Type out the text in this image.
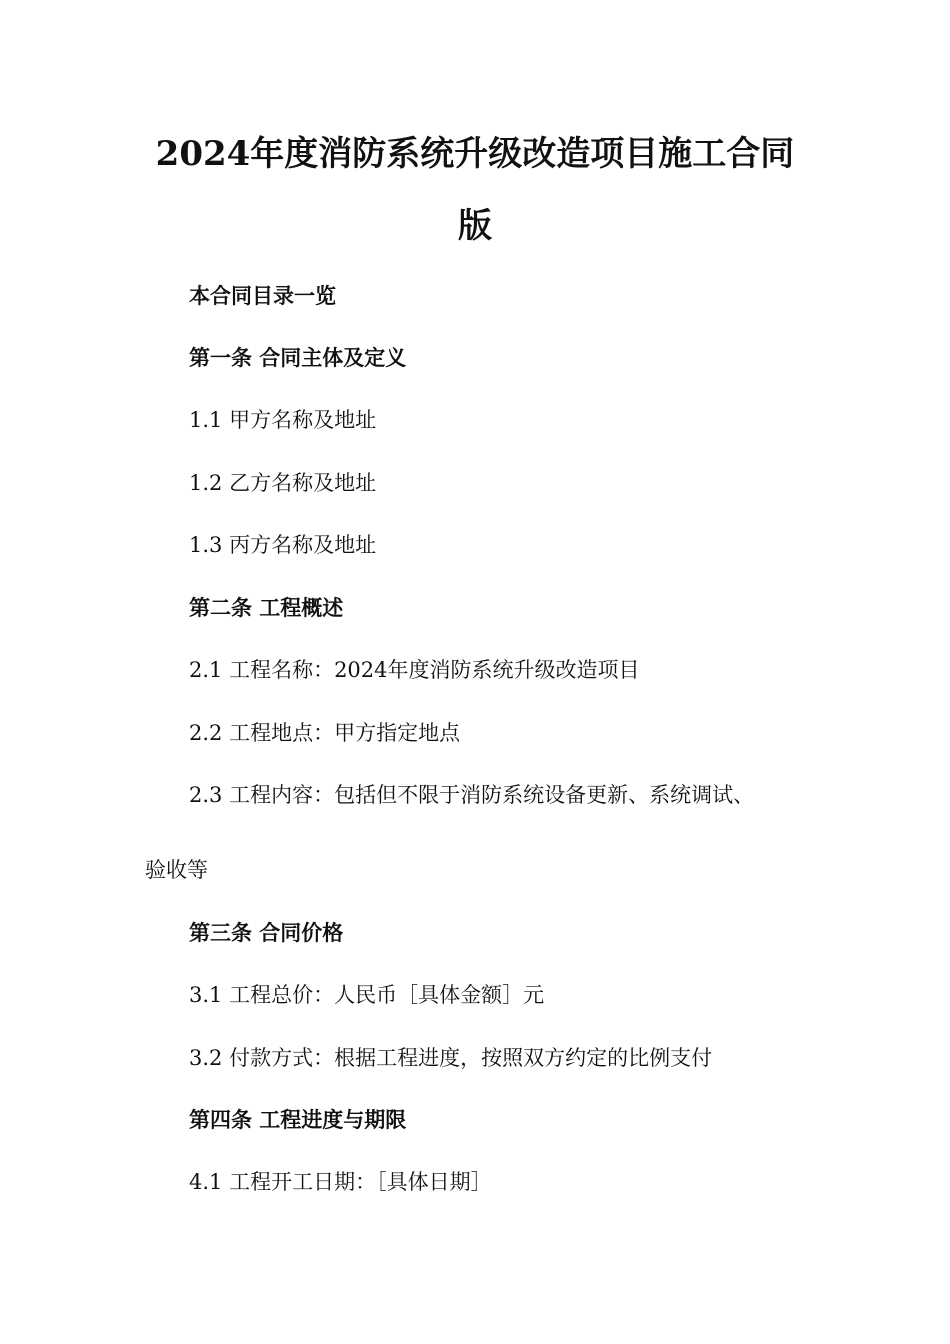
2024年度消防系统升级改造项目施工合同
版

本合同目录一览

第一条 合同主体及定义

1.1 甲方名称及地址

1.2 乙方名称及地址

1.3 丙方名称及地址

第二条 工程概述

2.1 工程名称：2024年度消防系统升级改造项目

2.2 工程地点：甲方指定地点

2.3 工程内容：包括但不限于消防系统设备更新、系统调试、

验收等

第三条 合同价格

3.1 工程总价：人民币［具体金额］元

3.2 付款方式：根据工程进度，按照双方约定的比例支付

第四条 工程进度与期限

4.1 工程开工日期：［具体日期］
